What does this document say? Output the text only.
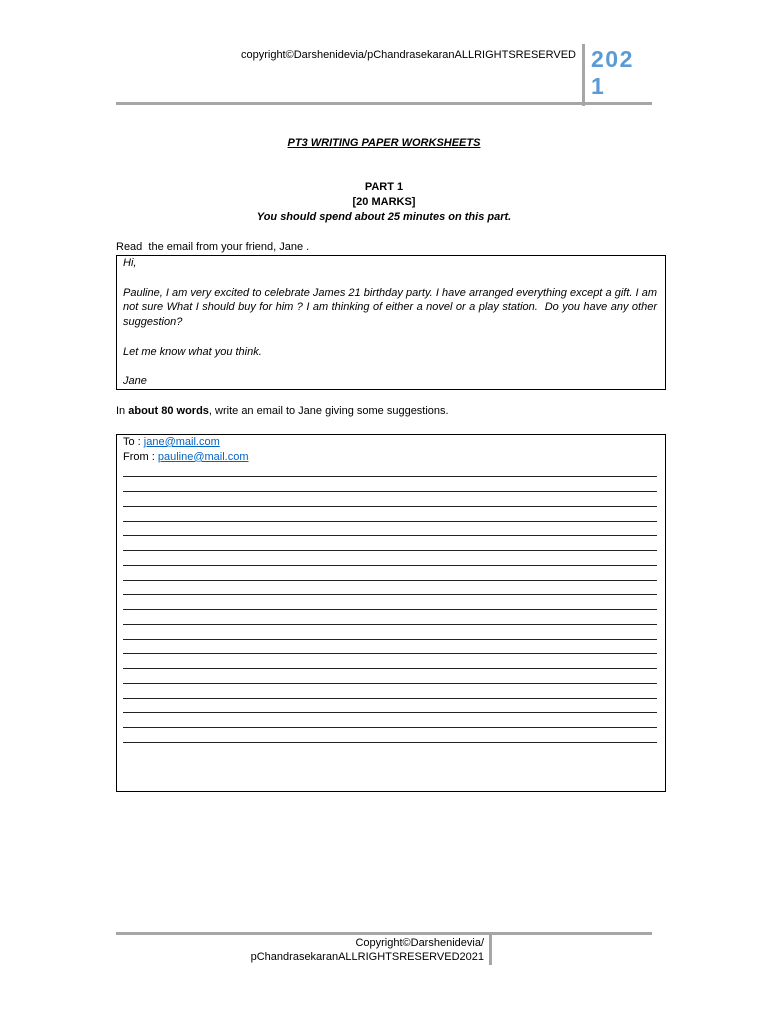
copyright©Darshenidevia/pChandrasekaranALLRIGHTSRESERVED 2021
PT3 WRITING PAPER WORKSHEETS
PART 1
[20 MARKS]
You should spend about 25 minutes on this part.
Read  the email from your friend, Jane .
Hi,
Pauline, I am very excited to celebrate James 21 birthday party. I have arranged everything except a gift. I am not sure What I should buy for him ? I am thinking of either a novel or a play station.  Do you have any other suggestion?
Let me know what you think.
Jane
In about 80 words, write an email to Jane giving some suggestions.
To : jane@mail.com
From : pauline@mail.com
Copyright©Darshenidevia/
pChandrasekaranALLRIGHTSRESERVED2021
